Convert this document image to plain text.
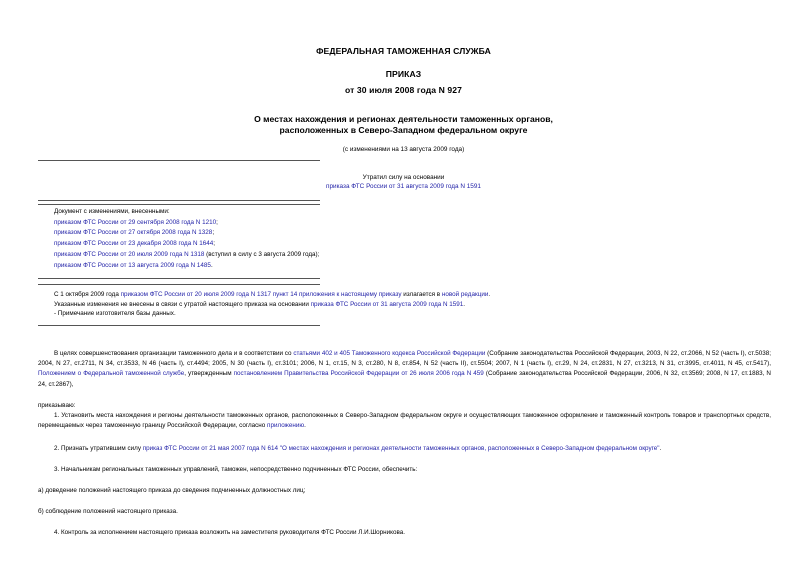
ФЕДЕРАЛЬНАЯ ТАМОЖЕННАЯ СЛУЖБА
ПРИКАЗ
от 30 июля 2008 года N 927
О местах нахождения и регионах деятельности таможенных органов,
расположенных в Северо-Западном федеральном округе
(с изменениями на 13 августа 2009 года)
Утратил силу на основании
приказа ФТС России от 31 августа 2009 года N 1591
Документ с изменениями, внесенными:
приказом ФТС России от 29 сентября 2008 года N 1210;
приказом ФТС России от 27 октября 2008 года N 1328;
приказом ФТС России от 23 декабря 2008 года N 1644;
приказом ФТС России от 20 июля 2009 года N 1318 (вступил в силу с 3 августа 2009 года);
приказом ФТС России от 13 августа 2009 года N 1485.
С 1 октября 2009 года приказом ФТС России от 20 июля 2009 года N 1317 пункт 14 приложения к настоящему приказу излагается в новой редакции.
Указанные изменения не внесены в связи с утратой настоящего приказа на основании приказа ФТС России от 31 августа 2009 года N 1591.
- Примечание изготовителя базы данных.
В целях совершенствования организации таможенного дела и в соответствии со статьями 402 и 405 Таможенного кодекса Российской Федерации (Собрание законодательства Российской Федерации, 2003, N 22, ст.2066, N 52 (часть I), ст.5038; 2004, N 27, ст.2711, N 34, ст.3533, N 46 (часть I), ст.4494; 2005, N 30 (часть I), ст.3101; 2006, N 1, ст.15, N 3, ст.280, N 8, ст.854, N 52 (часть II), ст.5504; 2007, N 1 (часть I), ст.29, N 24, ст.2831, N 27, ст.3213, N 31, ст.3995, ст.4011, N 45, ст.5417), Положением о Федеральной таможенной службе, утвержденным постановлением Правительства Российской Федерации от 26 июля 2006 года N 459 (Собрание законодательства Российской Федерации, 2006, N 32, ст.3569; 2008, N 17, ст.1883, N 24, ст.2867),
приказываю:
1. Установить места нахождения и регионы деятельности таможенных органов, расположенных в Северо-Западном федеральном округе и осуществляющих таможенное оформление и таможенный контроль товаров и транспортных средств, перемещаемых через таможенную границу Российской Федерации, согласно приложению.
2. Признать утратившим силу приказ ФТС России от 21 мая 2007 года N 614 "О местах нахождения и регионах деятельности таможенных органов, расположенных в Северо-Западном федеральном округе".
3. Начальникам региональных таможенных управлений, таможен, непосредственно подчиненных ФТС России, обеспечить:
а) доведение положений настоящего приказа до сведения подчиненных должностных лиц;
б) соблюдение положений настоящего приказа.
4. Контроль за исполнением настоящего приказа возложить на заместителя руководителя ФТС России Л.И.Шорникова.
